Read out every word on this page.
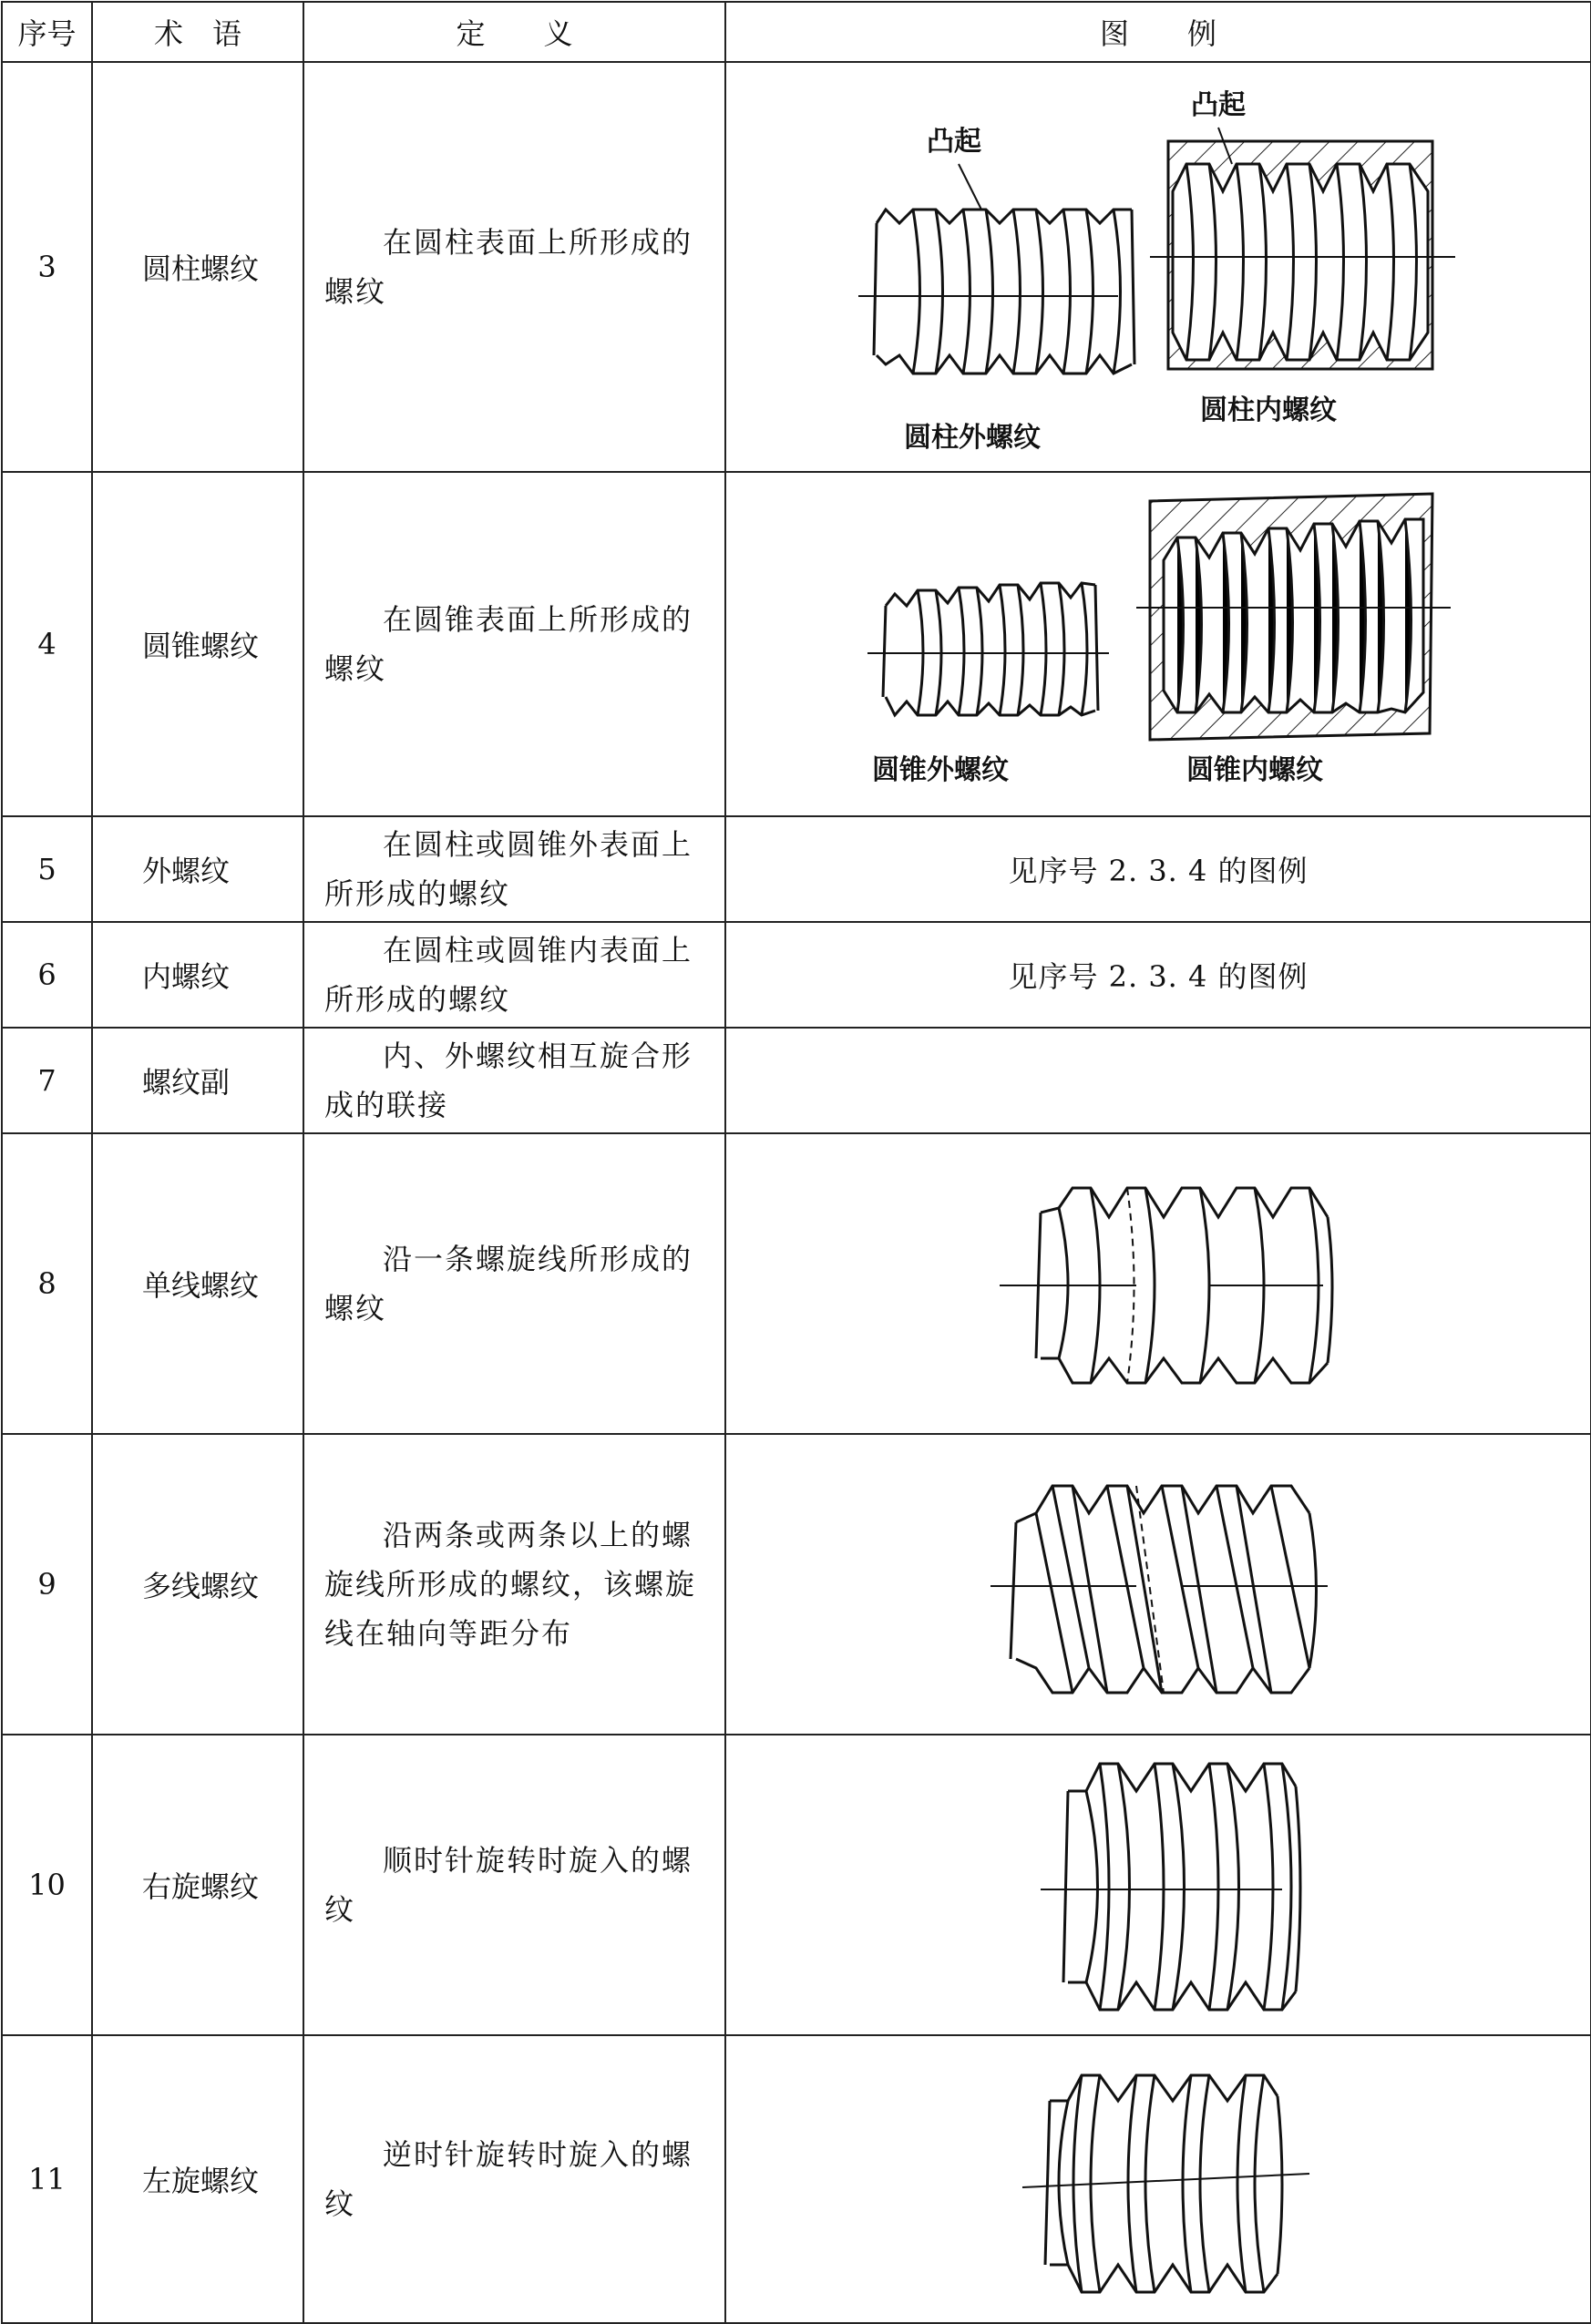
序号	术　语	定　　义	图　　例
3	圆柱螺纹	在圆柱表面上所形成的螺纹	凸起
圆柱外螺纹
凸起
圆柱内螺纹

4	圆锥螺纹	在圆锥表面上所形成的螺纹	圆锥外螺纹 圆锥内螺纹

5	外螺纹	在圆柱或圆锥外表面上所形成的螺纹	见序号 2. 3. 4 的图例
6	内螺纹	在圆柱或圆锥内表面上所形成的螺纹	见序号 2. 3. 4 的图例
7	螺纹副	内、外螺纹相互旋合形成的联接	

8	单线螺纹	沿一条螺旋线所形成的螺纹

9	多线螺纹	沿两条或两条以上的螺旋线所形成的螺纹，该螺旋线在轴向等距分布

10	右旋螺纹	顺时针旋转时旋入的螺纹

11	左旋螺纹	逆时针旋转时旋入的螺纹
